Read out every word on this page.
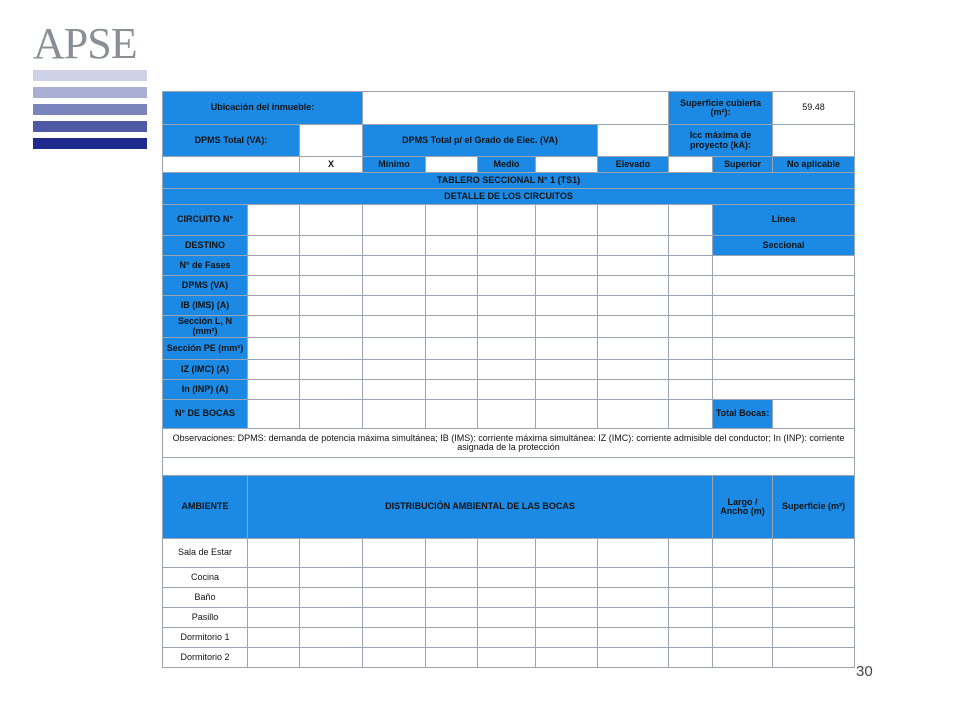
APSE
30
Ubicación del inmueble:								Superficie cubierta (m²):		59.48
DPMS Total (VA):			DPMS Total p/ el Grado de Elec. (VA)					Icc máxima de proyecto (kA):		
		X	Mínimo		Medio		Elevado		Superior	No aplicable
TABLERO SECCIONAL N° 1 (TS1)										
DETALLE DE LOS CIRCUITOS										
CIRCUITO N°									Línea	
DESTINO									Seccional	
N° de Fases										
DPMS (VA)										
IB (IMS) (A)										
Sección L, N (mm²)										
Sección PE (mm²)										
IZ (IMC) (A)										
In (INP) (A)										
N° DE BOCAS									Total Bocas:	
Observaciones: DPMS: demanda de potencia máxima simultánea; IB (IMS): corriente máxima simultánea: IZ (IMC): corriente admisible del conductor; In (INP): corriente asignada de la protección										

AMBIENTE	DISTRIBUCIÓN AMBIENTAL DE LAS BOCAS								Largo / Ancho (m)	Superficie (m²)
Sala de Estar										
Cocina										
Baño										
Pasillo										
Dormitorio 1										
Dormitorio 2										
